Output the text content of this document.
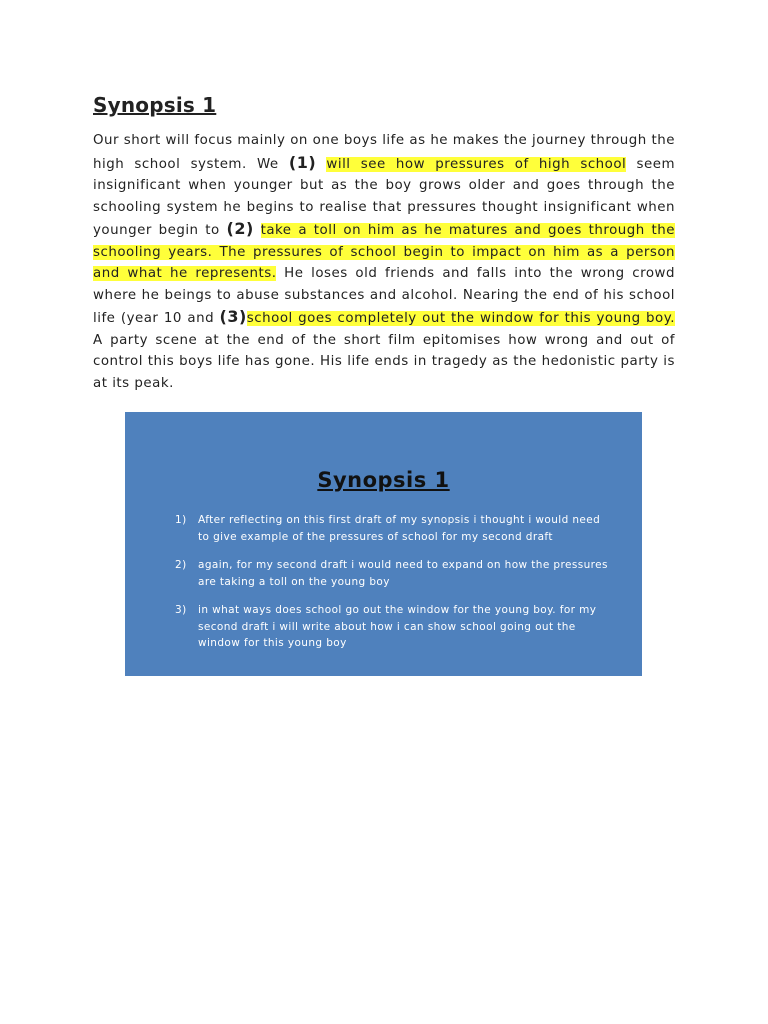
Synopsis 1

Our short will focus mainly on one boys life as he makes the journey through the high school system. We (1) will see how pressures of high school seem insignificant when younger but as the boy grows older and goes through the schooling system he begins to realise that pressures thought insignificant when younger begin to (2) take a toll on him as he matures and goes through the schooling years. The pressures of school begin to impact on him as a person and what he represents. He loses old friends and falls into the wrong crowd where he beings to abuse substances and alcohol. Nearing the end of his school life (year 10 and (3)school goes completely out the window for this young boy. A party scene at the end of the short film epitomises how wrong and out of control this boys life has gone. His life ends in tragedy as the hedonistic party is at its peak.

Synopsis 1
1)	After reflecting on this first draft of my synopsis i thought i would need to give example of the pressures of school for my second draft
2)	again, for my second draft i would need to expand on how the pressures are taking a toll on the young boy
3)	in what ways does school go out the window for the young boy. for my second draft i will write about how i can show school going out the window for this young boy
